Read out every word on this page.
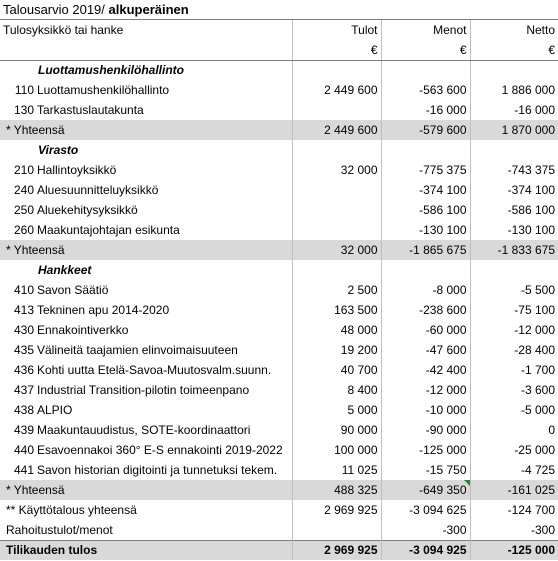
Talousarvio 2019/ alkuperäinen
Tulosyksikkö tai hanke		Tulot	Menot	Netto
		€	€	€
Luottamushenkilöhallinto				
110	Luottamushenkilöhallinto	2 449 600	-563 600	1 886 000
130	Tarkastuslautakunta		-16 000	-16 000
* Yhteensä		2 449 600	-579 600	1 870 000
Virasto				
210	Hallintoyksikkö	32 000	-775 375	-743 375
240	Aluesuunnitteluyksikkö		-374 100	-374 100
250	Aluekehitysyksikkö		-586 100	-586 100
260	Maakuntajohtajan esikunta		-130 100	-130 100
* Yhteensä		32 000	-1 865 675	-1 833 675
Hankkeet				
410	Savon Säätiö	2 500	-8 000	-5 500
413	Tekninen apu 2014-2020	163 500	-238 600	-75 100
430	Ennakointiverkko	48 000	-60 000	-12 000
435	Välineitä taajamien elinvoimaisuuteen	19 200	-47 600	-28 400
436	Kohti uutta Etelä-Savoa-Muutosvalm.suunn.	40 700	-42 400	-1 700
437	Industrial Transition-pilotin toimeenpano	8 400	-12 000	-3 600
438	ALPIO	5 000	-10 000	-5 000
439	Maakuntauudistus, SOTE-koordinaattori	90 000	-90 000	0
440	Esavoennakoi 360° E-S ennakointi 2019-2022	100 000	-125 000	-25 000
441	Savon historian digitointi ja tunnetuksi tekem.	11 025	-15 750	-4 725
* Yhteensä		488 325	-649 350	-161 025
** Käyttötalous yhteensä		2 969 925	-3 094 625	-124 700
Rahoitustulot/menot			-300	-300
Tilikauden tulos		2 969 925	-3 094 925	-125 000
